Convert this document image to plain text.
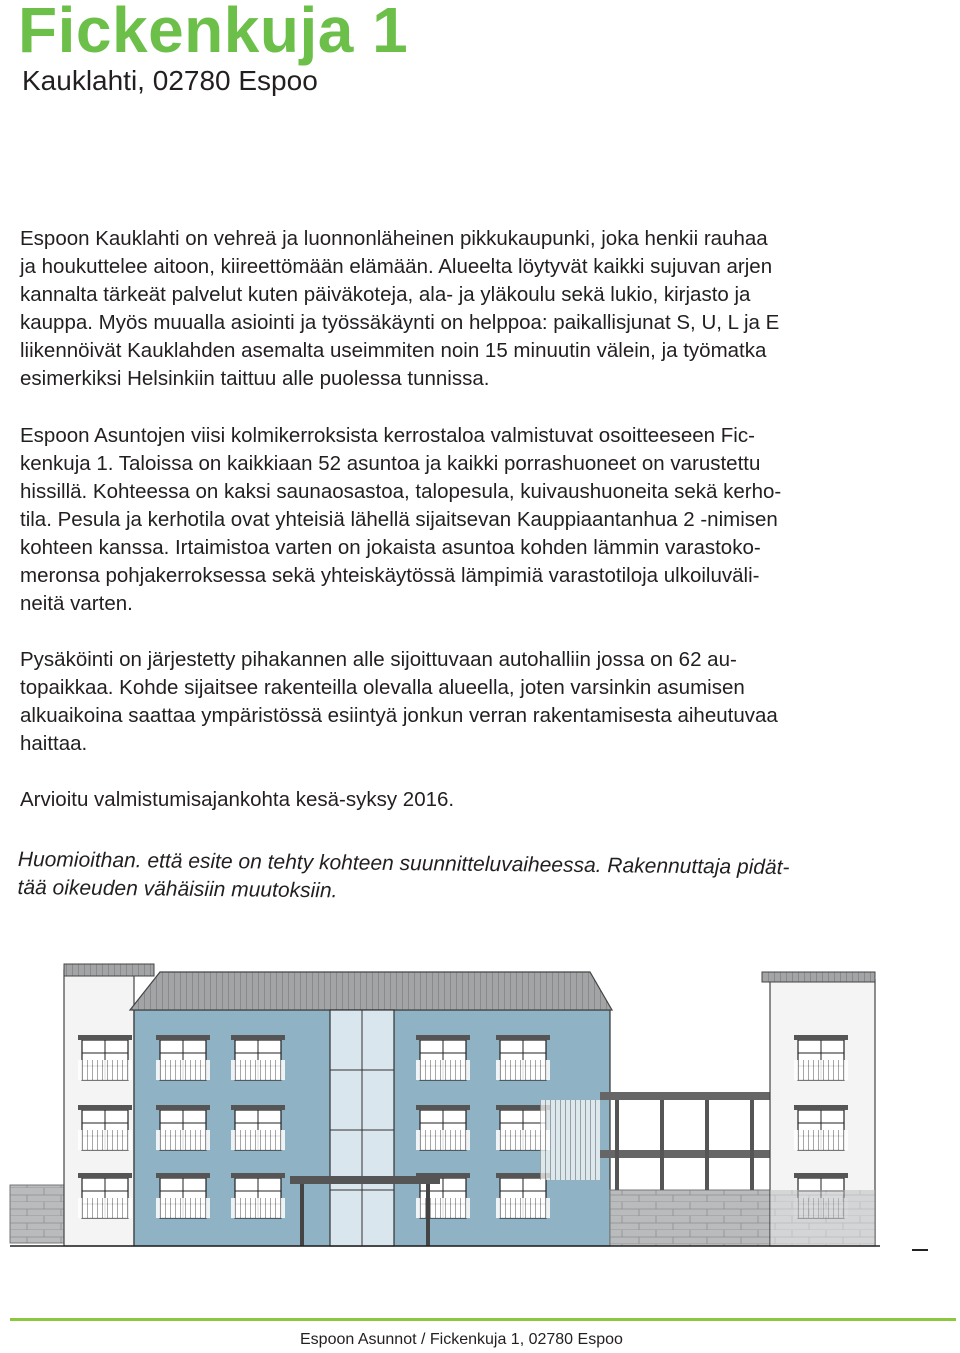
Fickenkuja 1
Kauklahti, 02780 Espoo

Espoon Kauklahti on vehreä ja luonnonläheinen pikkukaupunki, joka henkii rauhaa
ja houkuttelee aitoon, kiireettömään elämään. Alueelta löytyvät kaikki sujuvan arjen
kannalta tärkeät palvelut kuten päiväkoteja, ala- ja yläkoulu sekä lukio, kirjasto ja
kauppa. Myös muualla asiointi ja työssäkäynti on helppoa: paikallisjunat S, U, L ja E
liikennöivät Kauklahden asemalta useimmiten noin 15 minuutin välein, ja työmatka
esimerkiksi Helsinkiin taittuu alle puolessa tunnissa.

Espoon Asuntojen viisi kolmikerroksista kerrostaloa valmistuvat osoitteeseen Fic-
kenkuja 1. Taloissa on kaikkiaan 52 asuntoa ja kaikki porrashuoneet on varustettu
hissillä. Kohteessa on kaksi saunaosastoa, talopesula, kuivaushuoneita sekä kerho-
tila. Pesula ja kerhotila ovat yhteisiä lähellä sijaitsevan Kauppiaantanhua 2 -nimisen
kohteen kanssa. Irtaimistoa varten on jokaista asuntoa kohden lämmin varastoko-
meronsa pohjakerroksessa sekä yhteiskäytössä lämpimiä varastotiloja ulkoiluväli-
neitä varten.

Pysäköinti on järjestetty pihakannen alle sijoittuvaan autohalliin jossa on 62 au-
topaikkaa. Kohde sijaitsee rakenteilla olevalla alueella, joten varsinkin asumisen
alkuaikoina saattaa ympäristössä esiintyä jonkun verran rakentamisesta aiheutuvaa
haittaa.

Arvioitu valmistumisajankohta kesä-syksy 2016.

Huomioithan. että esite on tehty kohteen suunnitteluvaiheessa. Rakennuttaja pidät-
tää oikeuden vähäisiin muutoksiin.

Espoon Asunnot / Fickenkuja 1, 02780 Espoo
